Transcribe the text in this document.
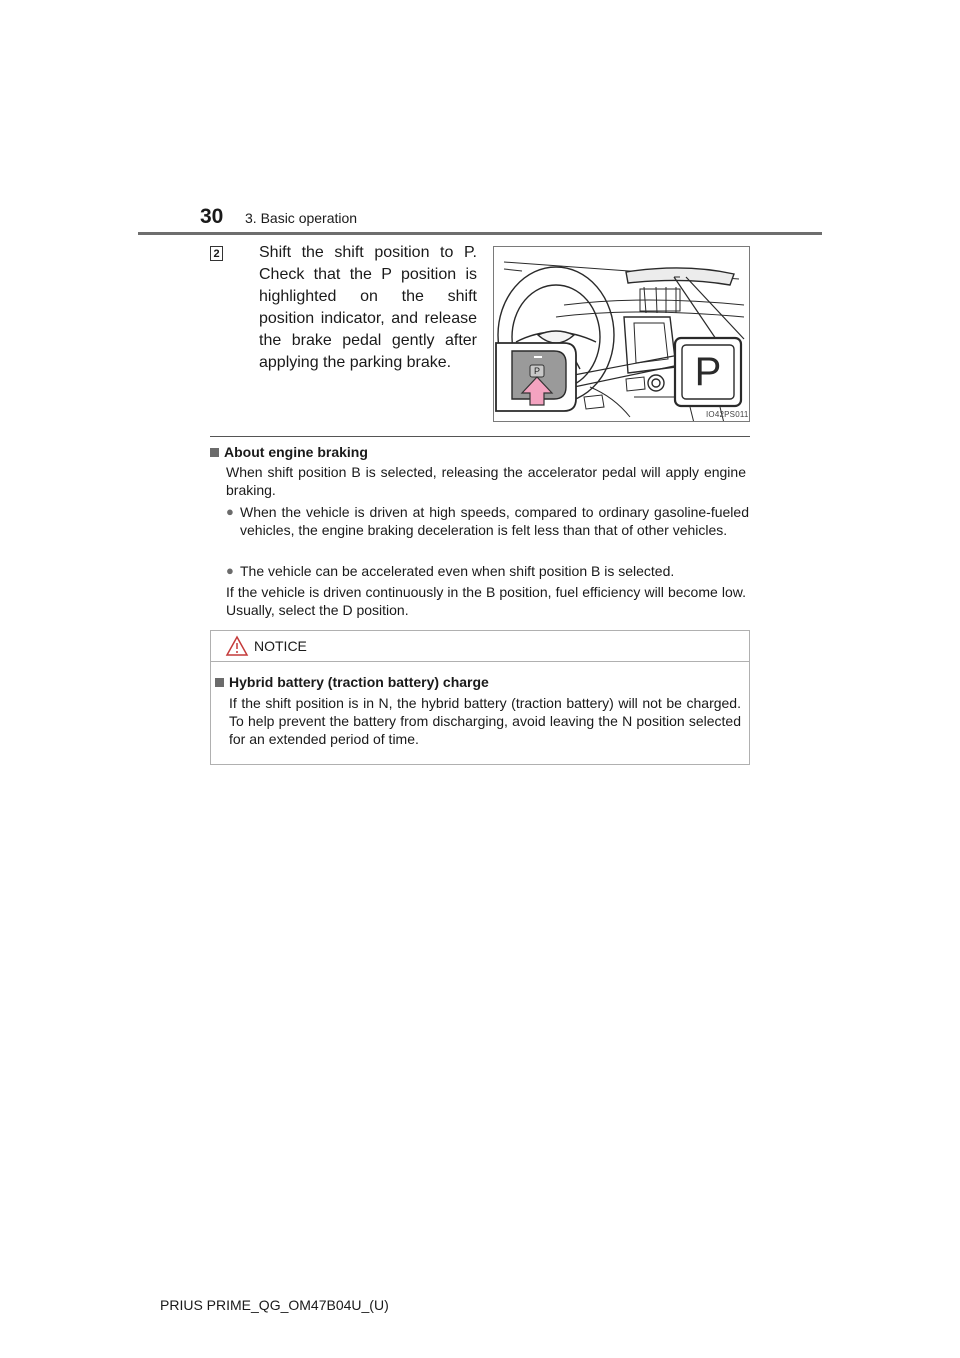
30 3. Basic operation
2 Shift the shift position to P. Check that the P position is highlighted on the shift position indicator, and release the brake pedal gently after applying the parking brake.	P
P
IO42PS011
About engine braking
When shift position B is selected, releasing the accelerator pedal will apply engine braking.
● When the vehicle is driven at high speeds, compared to ordinary gasoline-fueled vehicles, the engine braking deceleration is felt less than that of other vehicles.
● The vehicle can be accelerated even when shift position B is selected.
If the vehicle is driven continuously in the B position, fuel efficiency will become low. Usually, select the D position.
NOTICE
Hybrid battery (traction battery) charge
If the shift position is in N, the hybrid battery (traction battery) will not be charged. To help prevent the battery from discharging, avoid leaving the N position selected for an extended period of time.
PRIUS PRIME_QG_OM47B04U_(U)
